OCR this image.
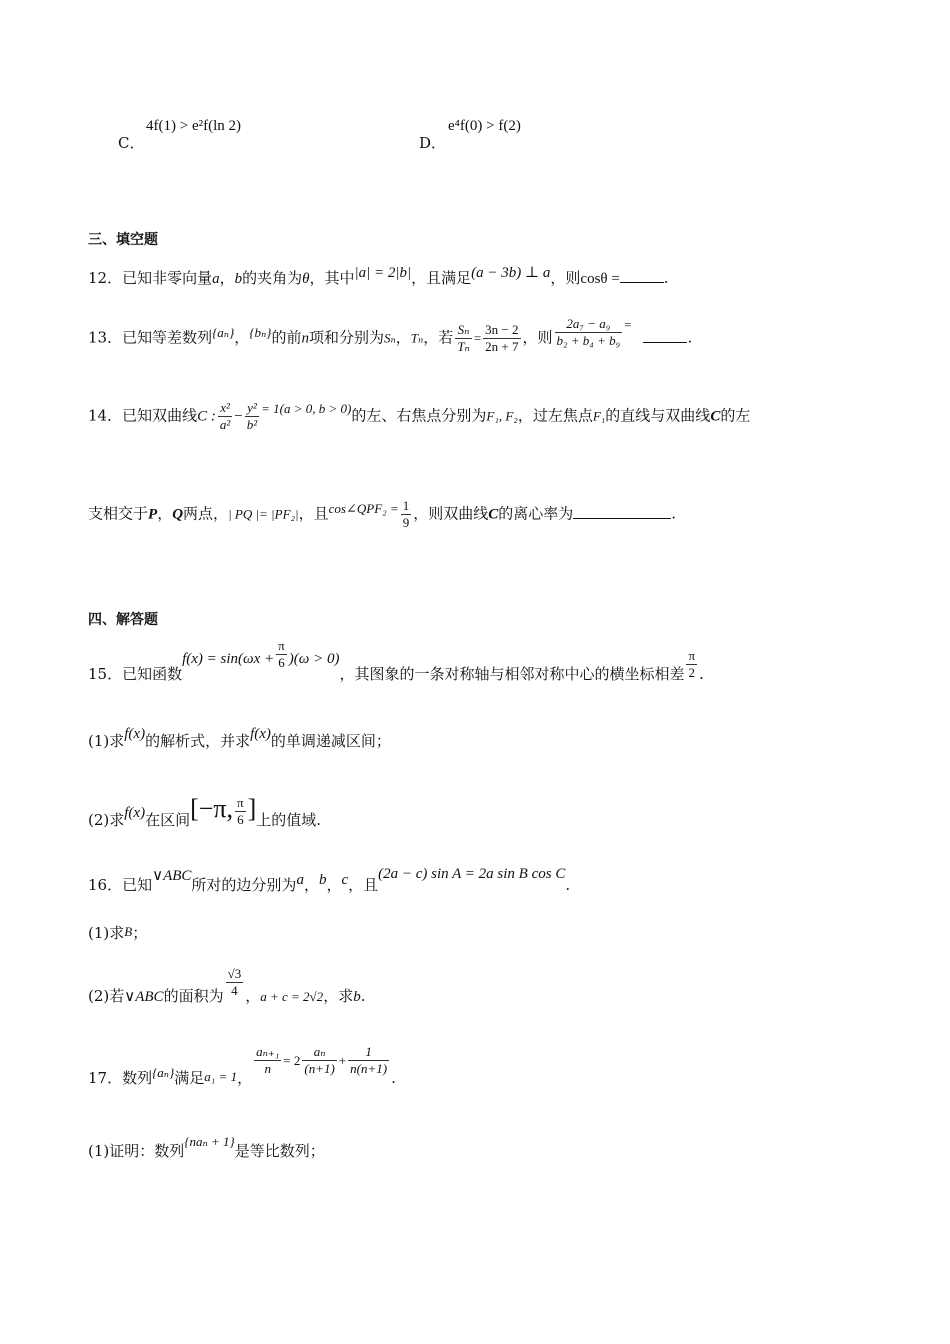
C．
4f(1) > e²f(ln 2)
D．
e⁴f(0) > f(2)
三、填空题
12．已知非零向量a，b的夹角为θ，其中|a| = 2|b|，且满足(a − 3b) ⊥ a，则cosθ =	.
13．已知等差数列{aₙ}，{bₙ}的前n项和分别为Sₙ，Tₙ，若 $\frac{\text{Sₙ}}{\text{Tₙ}} = \frac{3n - 2}{2n + 7}$ ，则 $\frac{\text{2a₇ − a₉}}{\text{b₂ + b₄ + b₉}}$ =.
14．已知双曲线C : $\frac{\text{x²}}{\text{a²}} - \frac{\text{y²}}{\text{b²}} = 1(a > 0$, b > 0)的左、右焦点分别为F₁, F₂，过左焦点F₁的直线与双曲线C的左
支相交于P，Q两点，| PQ |= |PF₂|，且cos∠QPF₂ = $\frac{1}{9}$ ，则双曲线C的离心率为	.
四、解答题
15．已知函数$f(x) = \sin(\omega x + \frac{\pi}{6} )(\omega > 0)$，其图象的一条对称轴与相邻对称中心的横坐标相差 $\frac{\pi}{2}$ .
(1)求f(x)的解析式，并求f(x)的单调递减区间；
(2)求f(x)在区间[−π, $\frac{\pi}{6}$ ]上的值域.
16．已知∨ABC所对的边分别为a，b，c，且(2a − c) sin A = 2a sin B cos C.
(1)求B；
(2)若∨ABC的面积为 $\frac{√3}{4}$ ，a + c = 2√2，求b.
17．数列{aₙ}满足a₁ = 1，
$\frac{\text{aₙ₊₁}}{n} = 2 \frac{\text{aₙ}}{(n+1)} + \frac{1}{n(n+1)}$
.
(1)证明：数列{naₙ + 1}是等比数列；
